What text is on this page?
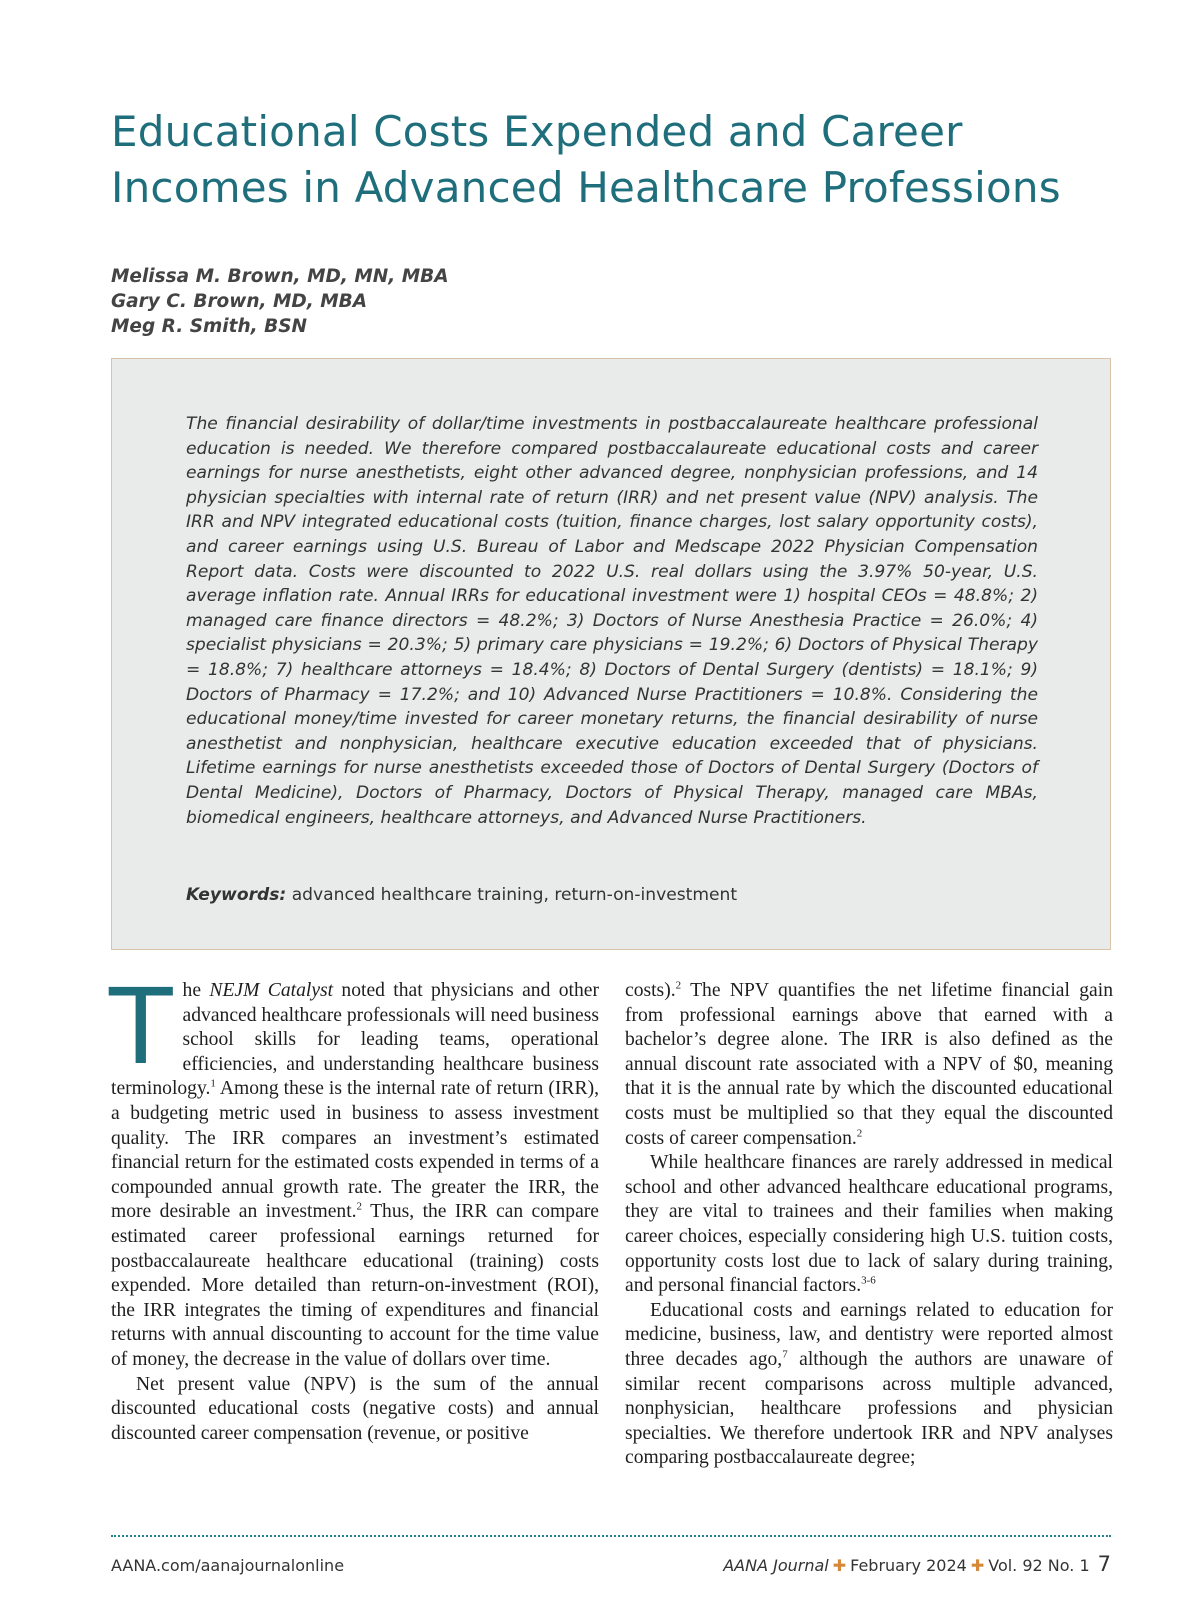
Educational Costs Expended and Career Incomes in Advanced Healthcare Professions
Melissa M. Brown, MD, MN, MBA
Gary C. Brown, MD, MBA
Meg R. Smith, BSN

The financial desirability of dollar/time investments in postbaccalaureate healthcare professional education is needed. We therefore compared postbaccalaureate educational costs and career earnings for nurse anesthetists, eight other advanced degree, nonphysician professions, and 14 physician specialties with internal rate of return (IRR) and net present value (NPV) analysis. The IRR and NPV integrated educational costs (tuition, finance charges, lost salary opportunity costs), and career earnings using U.S. Bureau of Labor and Medscape 2022 Physician Compensation Report data. Costs were discounted to 2022 U.S. real dollars using the 3.97% 50-year, U.S. average inflation rate. Annual IRRs for educational investment were 1) hospital CEOs = 48.8%; 2) managed care finance directors = 48.2%; 3) Doctors of Nurse Anesthesia Practice = 26.0%; 4) specialist physicians = 20.3%; 5) primary care physicians = 19.2%; 6) Doctors of Physical Therapy = 18.8%; 7) healthcare attorneys = 18.4%; 8) Doctors of Dental Surgery (dentists) = 18.1%; 9) Doctors of Pharmacy = 17.2%; and 10) Advanced Nurse Practitioners = 10.8%. Considering the educational money/time invested for career monetary returns, the financial desirability of nurse anesthetist and nonphysician, healthcare executive education exceeded that of physicians. Lifetime earnings for nurse anesthetists exceeded those of Doctors of Dental Surgery (Doctors of Dental Medicine), Doctors of Pharmacy, Doctors of Physical Therapy, managed care MBAs, biomedical engineers, healthcare attorneys, and Advanced Nurse Practitioners.

Keywords: advanced healthcare training, return-on-investment

The NEJM Catalyst noted that physicians and other advanced healthcare professionals will need business school skills for leading teams, operational efficiencies, and understanding healthcare business terminology.$^1$ Among these is the internal rate of return (IRR), a budgeting metric used in business to assess investment quality. The IRR compares an investment’s estimated financial return for the estimated costs expended in terms of a compounded annual growth rate. The greater the IRR, the more desirable an investment.$^2$ Thus, the IRR can compare estimated career professional earnings returned for postbaccalaureate healthcare educational (training) costs expended. More detailed than return-on-investment (ROI), the IRR integrates the timing of expenditures and financial returns with annual discounting to account for the time value of money, the decrease in the value of dollars over time.

Net present value (NPV) is the sum of the annual discounted educational costs (negative costs) and annual discounted career compensation (revenue, or positive

costs).$^2$ The NPV quantifies the net lifetime financial gain from professional earnings above that earned with a bachelor’s degree alone. The IRR is also defined as the annual discount rate associated with a NPV of $0, meaning that it is the annual rate by which the discounted educational costs must be multiplied so that they equal the discounted costs of career compensation.$^2$

While healthcare finances are rarely addressed in medical school and other advanced healthcare educational programs, they are vital to trainees and their families when making career choices, especially considering high U.S. tuition costs, opportunity costs lost due to lack of salary during training, and personal financial factors.$^{3-6}$

Educational costs and earnings related to education for medicine, business, law, and dentistry were reported almost three decades ago,$^7$ although the authors are unaware of similar recent comparisons across multiple advanced, nonphysician, healthcare professions and physician specialties. We therefore undertook IRR and NPV analyses comparing postbaccalaureate degree;

AANA.com/aanajournalonline	AANA Journal ✚ February 2024 ✚ Vol. 92 No. 1 7
